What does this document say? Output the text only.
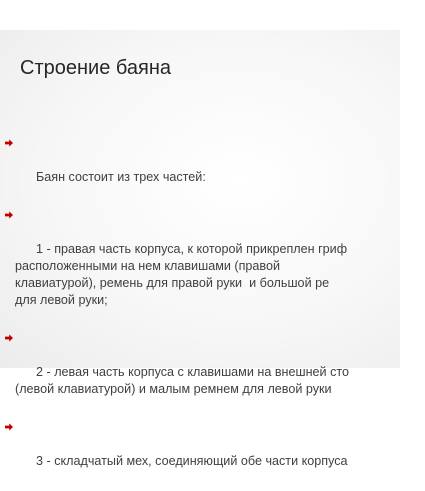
Строение баяна

Баян состоит из трех частей:

1 - правая часть корпуса, к которой прикреплен гриф
расположенными на нем клавишами (правой
клавиатурой), ремень для правой руки  и большой ре
для левой руки;

2 - левая часть корпуса с клавишами на внешней сто
(левой клавиатурой) и малым ремнем для левой руки

3 - складчатый мех, соединяющий обе части корпуса
